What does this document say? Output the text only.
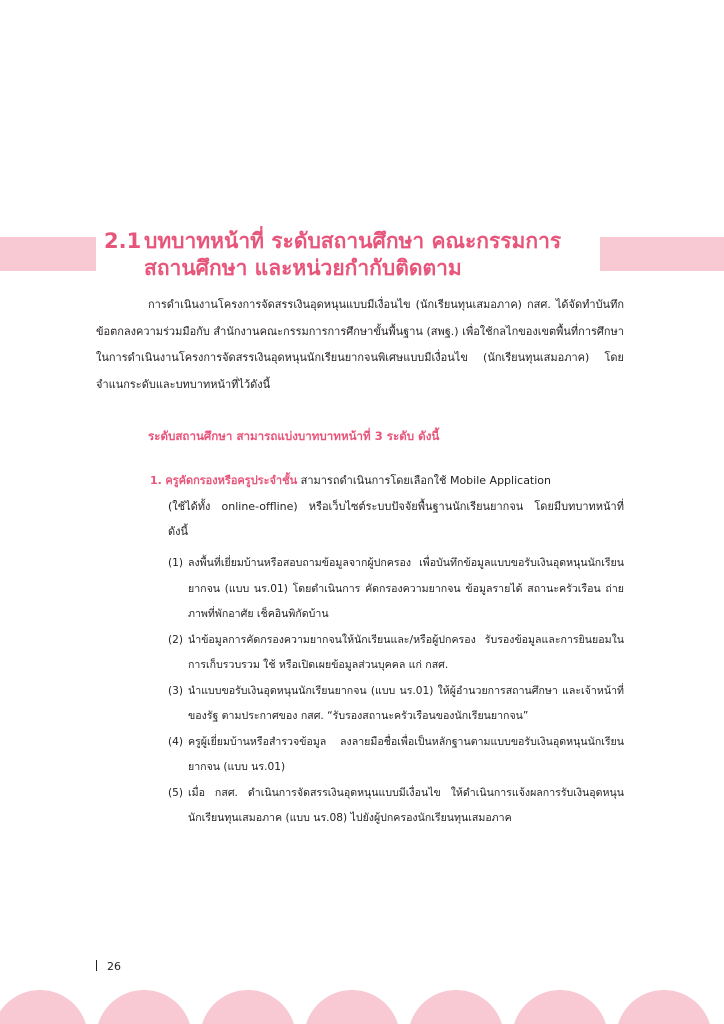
2.1 บทบาทหน้าที่ ระดับสถานศึกษา คณะกรรมการ
สถานศึกษา และหน่วยกำกับติดตาม

การดำเนินงานโครงการจัดสรรเงินอุดหนุนแบบมีเงื่อนไข (นักเรียนทุนเสมอภาค) กสศ. ได้จัดทำบันทึกข้อตกลงความร่วมมือกับ สำนักงานคณะกรรมการการศึกษาขั้นพื้นฐาน (สพฐ.) เพื่อใช้กลไกของเขตพื้นที่การศึกษา ในการดำเนินงานโครงการจัดสรรเงินอุดหนุนนักเรียนยากจนพิเศษแบบมีเงื่อนไข (นักเรียนทุนเสมอภาค) โดย จำแนกระดับและบทบาทหน้าที่ไว้ดังนี้

ระดับสถานศึกษา สามารถแบ่งบาทบาทหน้าที่ 3 ระดับ ดังนี้
1. ครูคัดกรองหรือครูประจำชั้น สามารถดำเนินการโดยเลือกใช้ Mobile Application
(ใช้ได้ทั้ง online-offline) หรือเว็บไซต์ระบบปัจจัยพื้นฐานนักเรียนยากจน โดยมีบทบาทหน้าที่ ดังนี้
(1) ลงพื้นที่เยี่ยมบ้านหรือสอบถามข้อมูลจากผู้ปกครอง เพื่อบันทึกข้อมูลแบบขอรับเงินอุดหนุนนักเรียนยากจน (แบบ นร.01) โดยดำเนินการ คัดกรองความยากจน ข้อมูลรายได้ สถานะครัวเรือน ถ่ายภาพที่พักอาศัย เช็คอินพิกัดบ้าน
(2) นำข้อมูลการคัดกรองความยากจนให้นักเรียนและ/หรือผู้ปกครอง รับรองข้อมูลและการยินยอมในการเก็บรวบรวม ใช้ หรือเปิดเผยข้อมูลส่วนบุคคล แก่ กสศ.
(3) นำแบบขอรับเงินอุดหนุนนักเรียนยากจน (แบบ นร.01) ให้ผู้อำนวยการสถานศึกษา และเจ้าหน้าที่ของรัฐ ตามประกาศของ กสศ. “รับรองสถานะครัวเรือนของนักเรียนยากจน”
(4) ครูผู้เยี่ยมบ้านหรือสำรวจข้อมูล ลงลายมือชื่อเพื่อเป็นหลักฐานตามแบบขอรับเงินอุดหนุนนักเรียนยากจน (แบบ นร.01)
(5) เมื่อ กสศ. ดำเนินการจัดสรรเงินอุดหนุนแบบมีเงื่อนไข ให้ดำเนินการแจ้งผลการรับเงินอุดหนุนนักเรียนทุนเสมอภาค (แบบ นร.08) ไปยังผู้ปกครองนักเรียนทุนเสมอภาค
26
